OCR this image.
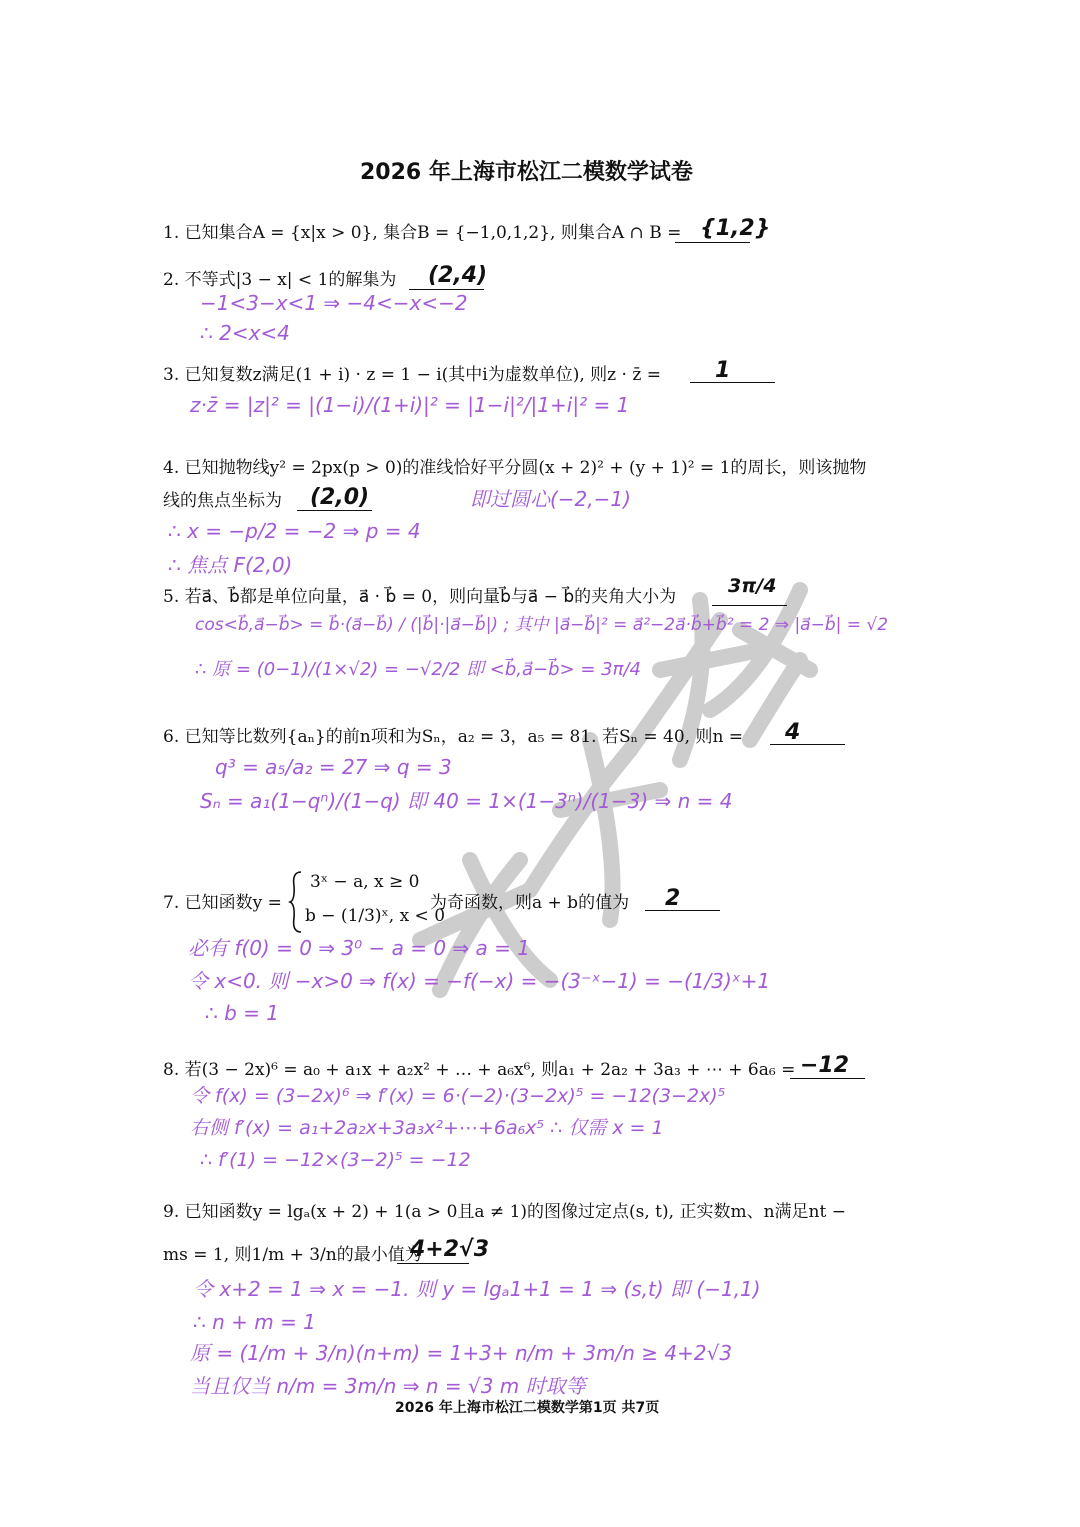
2026 年上海市松江二模数学试卷
1. 已知集合A = {x|x > 0}, 集合B = {−1,0,1,2}, 则集合A ∩ B = {1,2}
2. 不等式|3 − x| < 1的解集为 (2,4)
−1<3−x<1 ⇒ −4<−x<−2
∴ 2<x<4
3. 已知复数z满足(1 + i) · z = 1 − i(其中i为虚数单位), 则z · z̄ = 1
z·z̄ = |z|² = |(1−i)/(1+i)|² = |1−i|²/|1+i|² = 1
4. 已知抛物线y² = 2px(p > 0)的准线恰好平分圆(x + 2)² + (y + 1)² = 1的周长，则该抛物
线的焦点坐标为 (2,0)	即过圆心(−2,−1)
∴ x = −p/2 = −2 ⇒ p = 4
∴ 焦点 F(2,0)
5. 若a⃗、b⃗都是单位向量，a⃗ · b⃗ = 0，则向量b⃗与a⃗ − b⃗的夹角大小为	3π/4
cos<b⃗,a⃗−b⃗> = b⃗·(a⃗−b⃗) / (|b⃗|·|a⃗−b⃗|) ; 其中 |a⃗−b⃗|² = a⃗²−2a⃗·b⃗+b⃗² = 2 ⇒ |a⃗−b⃗| = √2
∴ 原 = (0−1)/(1×√2) = −√2/2 即 <b⃗,a⃗−b⃗> = 3π/4
6. 已知等比数列{aₙ}的前n项和为Sₙ，a₂ = 3，a₅ = 81. 若Sₙ = 40, 则n = 4
q³ = a₅/a₂ = 27 ⇒ q = 3
Sₙ = a₁(1−qⁿ)/(1−q) 即 40 = 1×(1−3ⁿ)/(1−3) ⇒ n = 4
7. 已知函数y =
3ˣ − a, x ≥ 0
b − (1/3)ˣ, x < 0
为奇函数，则a + b的值为 2
必有 f(0) = 0 ⇒ 3⁰ − a = 0 ⇒ a = 1
令 x<0. 则 −x>0 ⇒ f(x) = −f(−x) = −(3⁻ˣ−1) = −(1/3)ˣ+1
∴ b = 1
8. 若(3 − 2x)⁶ = a₀ + a₁x + a₂x² + … + a₆x⁶, 则a₁ + 2a₂ + 3a₃ + ⋯ + 6a₆ = −12
令 f(x) = (3−2x)⁶ ⇒ f′(x) = 6·(−2)·(3−2x)⁵ = −12(3−2x)⁵
右侧 f′(x) = a₁+2a₂x+3a₃x²+⋯+6a₆x⁵ ∴ 仅需 x = 1
∴ f′(1) = −12×(3−2)⁵ = −12
9. 已知函数y = lgₐ(x + 2) + 1(a > 0且a ≠ 1)的图像过定点(s, t), 正实数m、n满足nt −
ms = 1, 则1/m + 3/n的最小值为
4+2√3
令 x+2 = 1 ⇒ x = −1. 则 y = lgₐ1+1 = 1 ⇒ (s,t) 即 (−1,1)
∴ n + m = 1
原 = (1/m + 3/n)(n+m) = 1+3+ n/m + 3m/n ≥ 4+2√3
当且仅当 n/m = 3m/n ⇒ n = √3 m 时取等
2026 年上海市松江二模数学第1页 共7页
